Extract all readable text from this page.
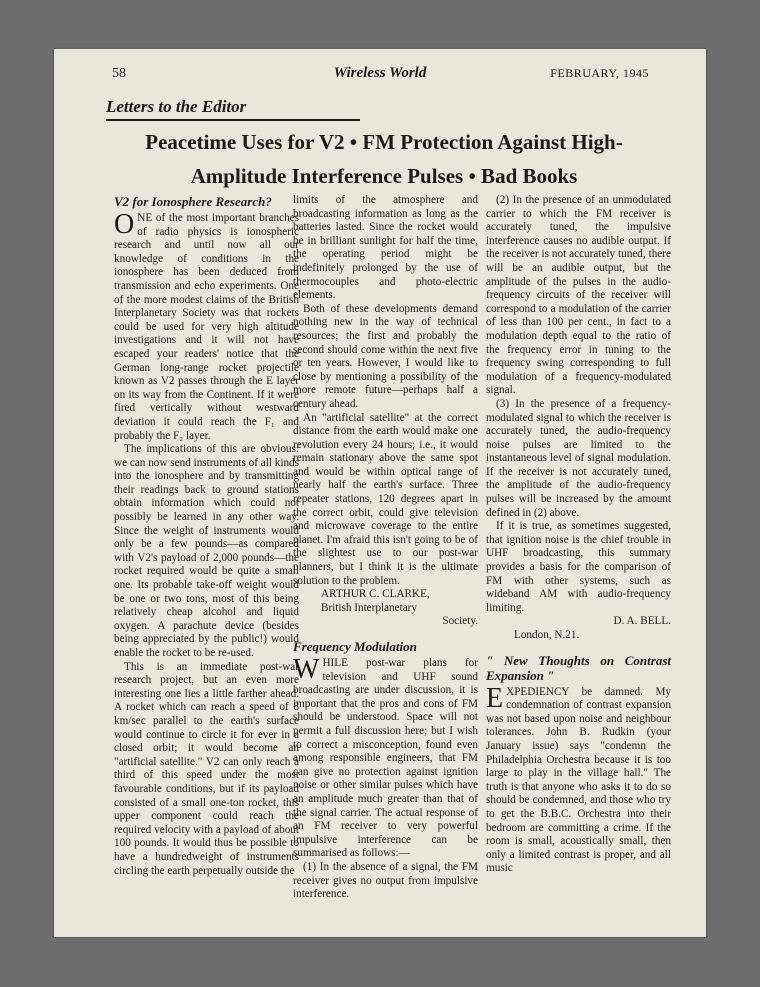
58	Wireless World	FEBRUARY, 1945
Letters to the Editor
Peacetime Uses for V2 • FM Protection Against High-
Amplitude Interference Pulses • Bad Books
V2 for Ionosphere Research?

ONE of the most important branches of radio physics is ionospheric research and until now all our knowledge of conditions in the ionosphere has been deduced from transmission and echo experiments. One of the more modest claims of the British Interplanetary Society was that rockets could be used for very high altitude investigations and it will not have escaped your readers' notice that the German long-range rocket projectile known as V2 passes through the E layer on its way from the Continent. If it were fired vertically without westward deviation it could reach the F₁ and probably the F₂ layer.

The implications of this are obvious: we can now send instruments of all kinds into the ionosphere and by transmitting their readings back to ground stations obtain information which could not possibly be learned in any other way. Since the weight of instruments would only be a few pounds—as compared with V2's payload of 2,000 pounds—the rocket required would be quite a small one. Its probable take-off weight would be one or two tons, most of this being relatively cheap alcohol and liquid oxygen. A parachute device (besides being appreciated by the public!) would enable the rocket to be re-used.

This is an immediate post-war research project, but an even more interesting one lies a little farther ahead. A rocket which can reach a speed of 8 km/sec parallel to the earth's surface would continue to circle it for ever in a closed orbit; it would become an "artificial satellite." V2 can only reach a third of this speed under the most favourable conditions, but if its payload consisted of a small one-ton rocket, this upper component could reach the required velocity with a payload of about 100 pounds. It would thus be possible to have a hundredweight of instruments circling the earth perpetually outside the

limits of the atmosphere and broadcasting information as long as the batteries lasted. Since the rocket would be in brilliant sunlight for half the time, the operating period might be indefinitely prolonged by the use of thermocouples and photo-electric elements.

Both of these developments demand nothing new in the way of technical resources; the first and probably the second should come within the next five or ten years. However, I would like to close by mentioning a possibility of the more remote future—perhaps half a century ahead.

An "artificial satellite" at the correct distance from the earth would make one revolution every 24 hours; i.e., it would remain stationary above the same spot and would be within optical range of nearly half the earth's surface. Three repeater stations, 120 degrees apart in the correct orbit, could give television and microwave coverage to the entire planet. I'm afraid this isn't going to be of the slightest use to our post-war planners, but I think it is the ultimate solution to the problem.

ARTHUR C. CLARKE,

British Interplanetary

Society.

Frequency Modulation

WHILE post-war plans for television and UHF sound broadcasting are under discussion, it is important that the pros and cons of FM should be understood. Space will not permit a full discussion here; but I wish to correct a misconception, found even among responsible engineers, that FM can give no protection against ignition noise or other similar pulses which have an amplitude much greater than that of the signal carrier. The actual response of an FM receiver to very powerful impulsive interference can be summarised as follows:—

(1) In the absence of a signal, the FM receiver gives no output from impulsive interference.

(2) In the presence of an unmodulated carrier to which the FM receiver is accurately tuned, the impulsive interference causes no audible output. If the receiver is not accurately tuned, there will be an audible output, but the amplitude of the pulses in the audio-frequency circuits of the receiver will correspond to a modulation of the carrier of less than 100 per cent., in fact to a modulation depth equal to the ratio of the frequency error in tuning to the frequency swing corresponding to full modulation of a frequency-modulated signal.

(3) In the presence of a frequency-modulated signal to which the receiver is accurately tuned, the audio-frequency noise pulses are limited to the instantaneous level of signal modulation. If the receiver is not accurately tuned, the amplitude of the audio-frequency pulses will be increased by the amount defined in (2) above.

If it is true, as sometimes suggested, that ignition noise is the chief trouble in UHF broadcasting, this summary provides a basis for the comparison of FM with other systems, such as wideband AM with audio-frequency limiting.

D. A. BELL.

London, N.21.

" New Thoughts on Contrast Expansion "

EXPEDIENCY be damned. My condemnation of contrast expansion was not based upon noise and neighbour tolerances. John B. Rudkin (your January issue) says "condemn the Philadelphia Orchestra because it is too large to play in the village hall." The truth is that anyone who asks it to do so should be condemned, and those who try to get the B.B.C. Orchestra into their bedroom are committing a crime. If the room is small, acoustically small, then only a limited contrast is proper, and all music
